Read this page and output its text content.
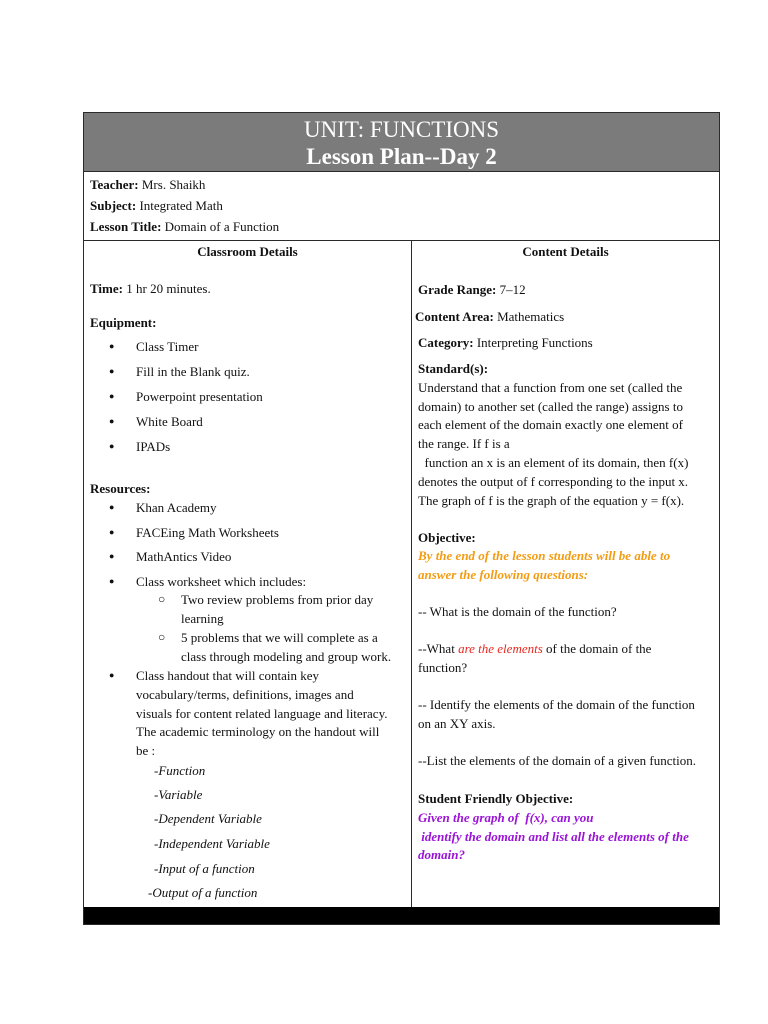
UNIT: FUNCTIONS
Lesson Plan--Day 2
Teacher: Mrs. Shaikh
Subject: Integrated Math
Lesson Title: Domain of a Function
Classroom Details
Time: 1 hr 20 minutes.
Equipment:
● Class Timer
● Fill in the Blank quiz.
● Powerpoint presentation
● White Board
● IPADs
Resources:
● Khan Academy
● FACEing Math Worksheets
● MathAntics Video
● Class worksheet which includes:
○ Two review problems from prior day
learning
○ 5 problems that we will complete as a
class through modeling and group work.
● Class handout that will contain key
vocabulary/terms, definitions, images and
visuals for content related language and literacy.
The academic terminology on the handout will
be :
-Function
-Variable
-Dependent Variable
-Independent Variable
-Input of a function
-Output of a function
Content Details
Grade Range: 7–12
Content Area: Mathematics
Category: Interpreting Functions
Standard(s):
Understand that a function from one set (called the
domain) to another set (called the range) assigns to
each element of the domain exactly one element of
the range. If f is a
function an x is an element of its domain, then f(x)
denotes the output of f corresponding to the input x.
The graph of f is the graph of the equation y = f(x).
Objective:
By the end of the lesson students will be able to
answer the following questions:
-- What is the domain of the function?
--What are the elements of the domain of the
function?
-- Identify the elements of the domain of the function
on an XY axis.
--List the elements of the domain of a given function.
Student Friendly Objective:
Given the graph of  f(x), can you
identify the domain and list all the elements of the
domain?
